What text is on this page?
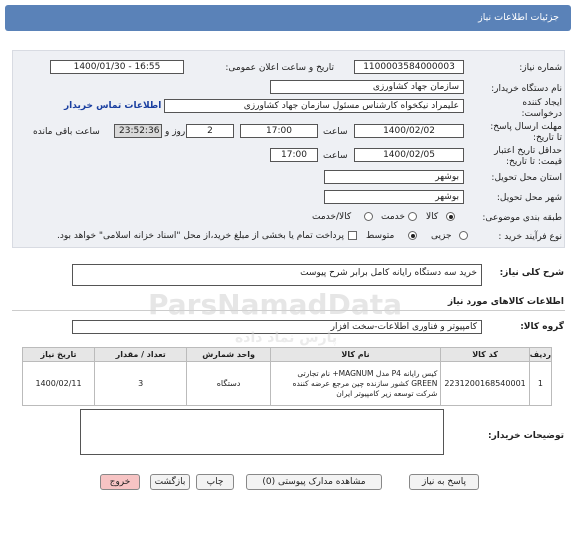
جزئیات اطلاعات نیاز
شماره نیاز:
1100003584000003
تاریخ و ساعت اعلان عمومی:
1400/01/30 - 16:55
نام دستگاه خریدار:
سازمان جهاد کشاورزی
ایجاد کننده
درخواست:
علیمراد نیکخواه کارشناس مسئول سازمان جهاد کشاورزی
اطلاعات تماس خریدار
مهلت ارسال پاسخ:
تا تاریخ:
1400/02/02
ساعت
17:00
2
روز و
23:52:36
ساعت باقی مانده
حداقل تاریخ اعتبار
قیمت: تا تاریخ:
1400/02/05
ساعت
17:00
استان محل تحویل:
بوشهر
شهر محل تحویل:
بوشهر
طبقه بندی موضوعی:
کالا
خدمت
کالا/خدمت
نوع فرآیند خرید :
جزیی
متوسط
پرداخت تمام یا بخشی از مبلغ خرید،از محل "اسناد خزانه اسلامی" خواهد بود.
شرح کلی نیاز:
خرید سه دستگاه رایانه کامل برابر شرح پیوست
اطلاعات کالاهای مورد نیاز
گروه کالا:
کامپیوتر و فناوری اطلاعات-سخت افزار
ردیف	کد کالا	نام کالا	واحد شمارش	تعداد / مقدار	تاریخ نیاز
1	2231200168540001	کیس رایانه P4 مدل MAGNUM+ نام تجارتی GREEN کشور سازنده چین مرجع عرضه کننده شرکت توسعه زیر کامپیوتر ایران	دستگاه	3	1400/02/11
توضیحات خریدار:
پاسخ به نیاز
مشاهده مدارک پیوستی (0)
چاپ
بازگشت
خروج
ParsNamadData
پارس نماد داده
